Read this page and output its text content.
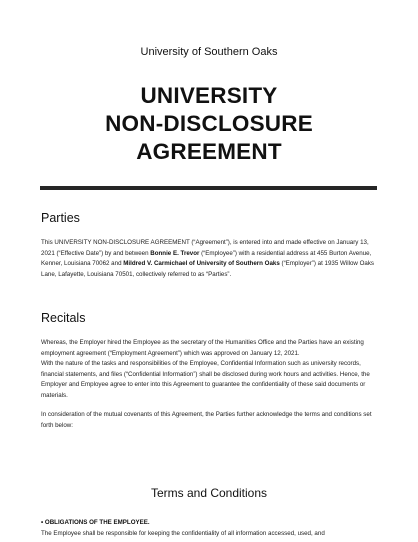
University of Southern Oaks
UNIVERSITY
NON-DISCLOSURE
AGREEMENT
Parties
This UNIVERSITY NON-DISCLOSURE AGREEMENT (“Agreement”), is entered into and made effective on January 13, 2021 (“Effective Date”) by and between Bonnie E. Trevor (“Employee”) with a residential address at 455 Burton Avenue, Kenner, Louisiana 70062 and Mildred V. Carmichael of University of Southern Oaks (“Employer”) at 1935 Willow Oaks Lane, Lafayette, Louisiana 70501, collectively referred to as “Parties”.
Recitals
Whereas, the Employer hired the Employee as the secretary of the Humanities Office and the Parties have an existing employment agreement (“Employment Agreement”) which was approved on January 12, 2021.
With the nature of the tasks and responsibilities of the Employee, Confidential Information such as university records, financial statements, and files (“Confidential Information”) shall be disclosed during work hours and activities. Hence, the Employer and Employee agree to enter into this Agreement to guarantee the confidentiality of these said documents or materials.
In consideration of the mutual covenants of this Agreement, the Parties further acknowledge the terms and conditions set forth below:
Terms and Conditions
• OBLIGATIONS OF THE EMPLOYEE.
The Employee shall be responsible for keeping the confidentiality of all information accessed, used, and
